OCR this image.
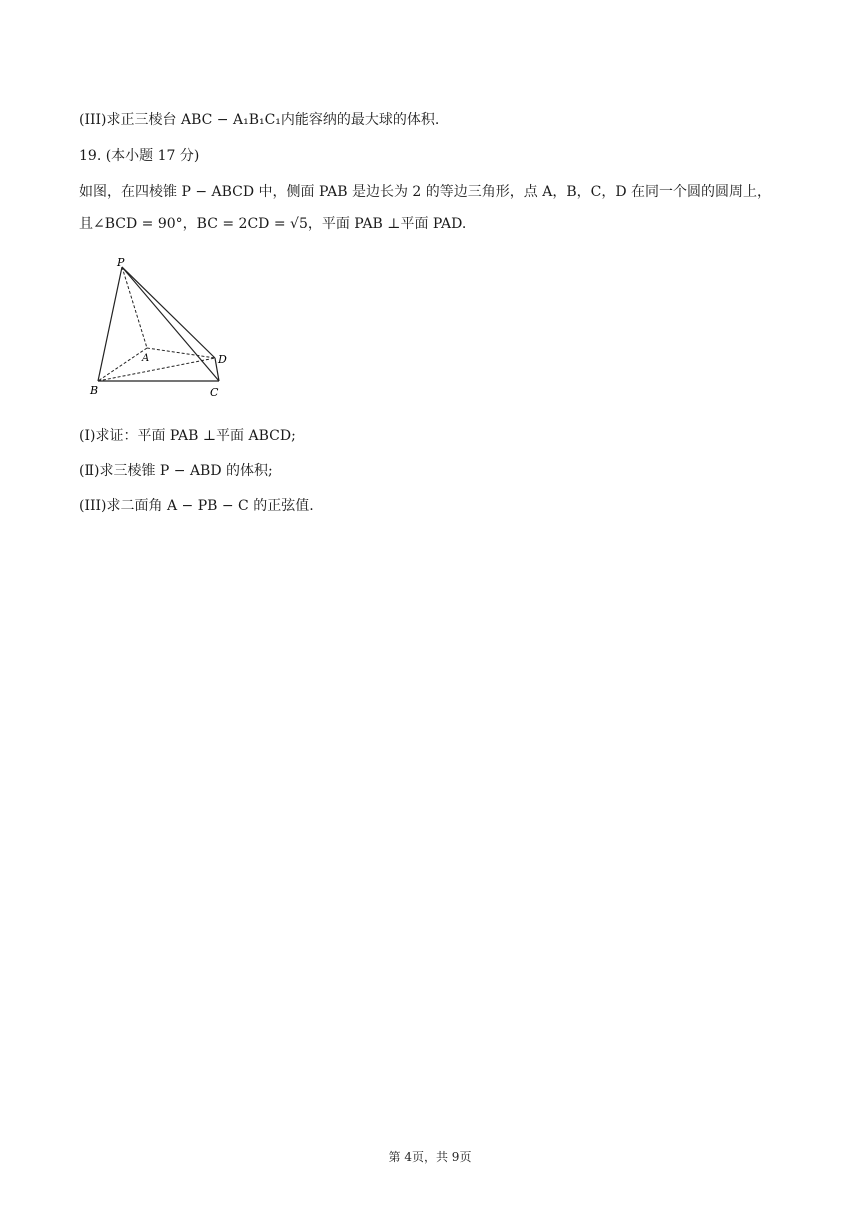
(III)求正三棱台 ABC − A₁B₁C₁内能容纳的最大球的体积.
19. (本小题 17 分)
如图，在四棱锥 P − ABCD 中，侧面 PAB 是边长为 2 的等边三角形，点 A，B，C，D 在同一个圆的圆周上，
且∠BCD = 90°，BC = 2CD = √5，平面 PAB ⊥平面 PAD.
P
A
B	C
D
(Ⅰ)求证：平面 PAB ⊥平面 ABCD;
(Ⅱ)求三棱锥 P − ABD 的体积;
(III)求二面角 A − PB − C 的正弦值.
第 4页，共 9页
